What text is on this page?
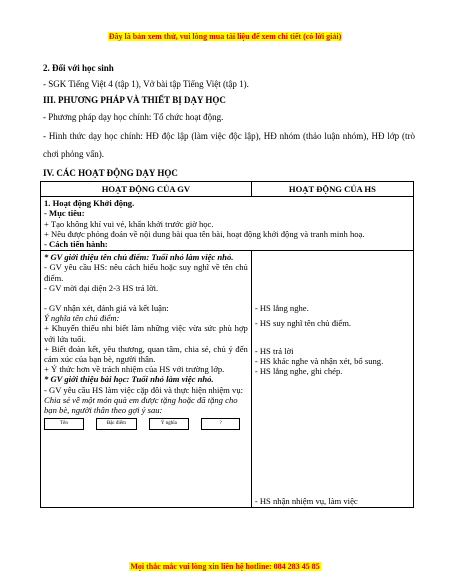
Đây là bản xem thử, vui lòng mua tài liệu để xem chi tiết (có lời giải)
2. Đối với học sinh
- SGK Tiếng Việt 4 (tập 1), Vở bài tập Tiếng Việt (tập 1).
III. PHƯƠNG PHÁP VÀ THIẾT BỊ DẠY HỌC
- Phương pháp dạy học chính: Tổ chức hoạt động.
- Hình thức dạy học chính: HĐ độc lập (làm việc độc lập), HĐ nhóm (thảo luận nhóm), HĐ lớp (trò chơi phỏng vấn).
IV. CÁC HOẠT ĐỘNG DẠY HỌC
HOẠT ĐỘNG CỦA GV	HOẠT ĐỘNG CỦA HS

1. Hoạt động Khởi động.
- Mục tiêu:
+ Tạo không khí vui vẻ, khấn khởi trước giờ học.
+ Nêu được phỏng đoán về nội dung bài qua tên bài, hoạt động khởi động và tranh minh hoạ.
- Cách tiến hành:

* GV giới thiệu tên chủ điểm: Tuổi nhỏ làm việc nhỏ.
- GV yêu cầu HS: nêu cách hiểu hoặc suy nghĩ về tên chủ điểm.
- GV mời đại diện 2-3 HS trả lời.
- GV nhận xét, đánh giá và kết luận:
Ý nghĩa tên chủ điểm:
+ Khuyến thiếu nhi biết làm những việc vừa sức phù hợp với lứa tuổi.
+ Biết đoàn kết, yêu thương, quan tâm, chia sẻ, chủ ý đến cảm xúc của bạn bè, người thân.
+ Ý thức hơn về trách nhiệm của HS với trường lớp.
* GV giới thiệu bài học: Tuổi nhỏ làm việc nhỏ.
- GV yêu cầu HS làm việc cặp đôi và thực hiện nhiệm vụ:
Chia sẻ về một món quà em được tặng hoặc đã tặng cho bạn bè, người thân theo gợi ý sau:
Tên		Đặc điểm		Ý nghĩa		?

- HS lắng nghe.
- HS suy nghĩ tên chủ điểm.
- HS trả lời
- HS khác nghe và nhận xét, bổ sung.
- HS lắng nghe, ghi chép.
- HS nhận nhiệm vụ, làm việc
Mọi thắc mắc vui lòng xin liên hệ hotline: 084 283 45 85
